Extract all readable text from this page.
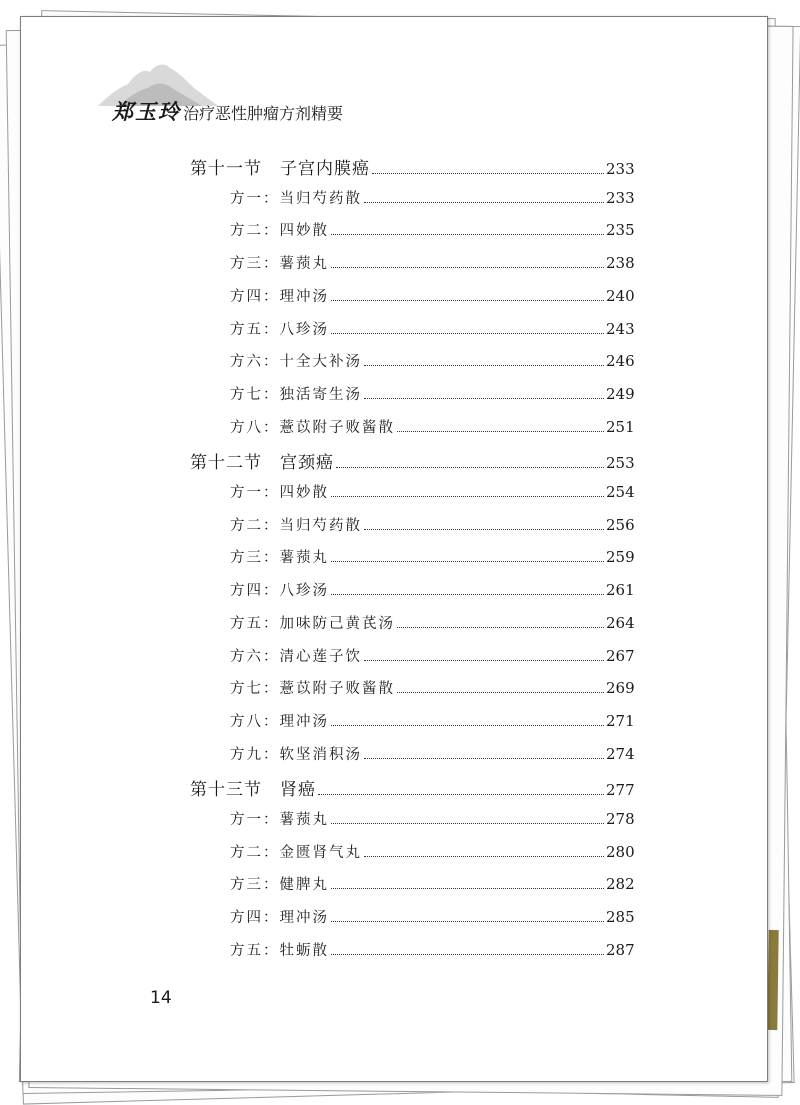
郑玉玲 治疗恶性肿瘤方剂精要
第十一节 子宫内膜癌	233
方一：当归芍药散	233
方二：四妙散	235
方三：薯蓣丸	238
方四：理冲汤	240
方五：八珍汤	243
方六：十全大补汤	246
方七：独活寄生汤	249
方八：薏苡附子败酱散	251
第十二节 宫颈癌	253
方一：四妙散	254
方二：当归芍药散	256
方三：薯蓣丸	259
方四：八珍汤	261
方五：加味防己黄芪汤	264
方六：清心莲子饮	267
方七：薏苡附子败酱散	269
方八：理冲汤	271
方九：软坚消积汤	274
第十三节 肾癌	277
方一：薯蓣丸	278
方二：金匮肾气丸	280
方三：健脾丸	282
方四：理冲汤	285
方五：牡蛎散	287
14
